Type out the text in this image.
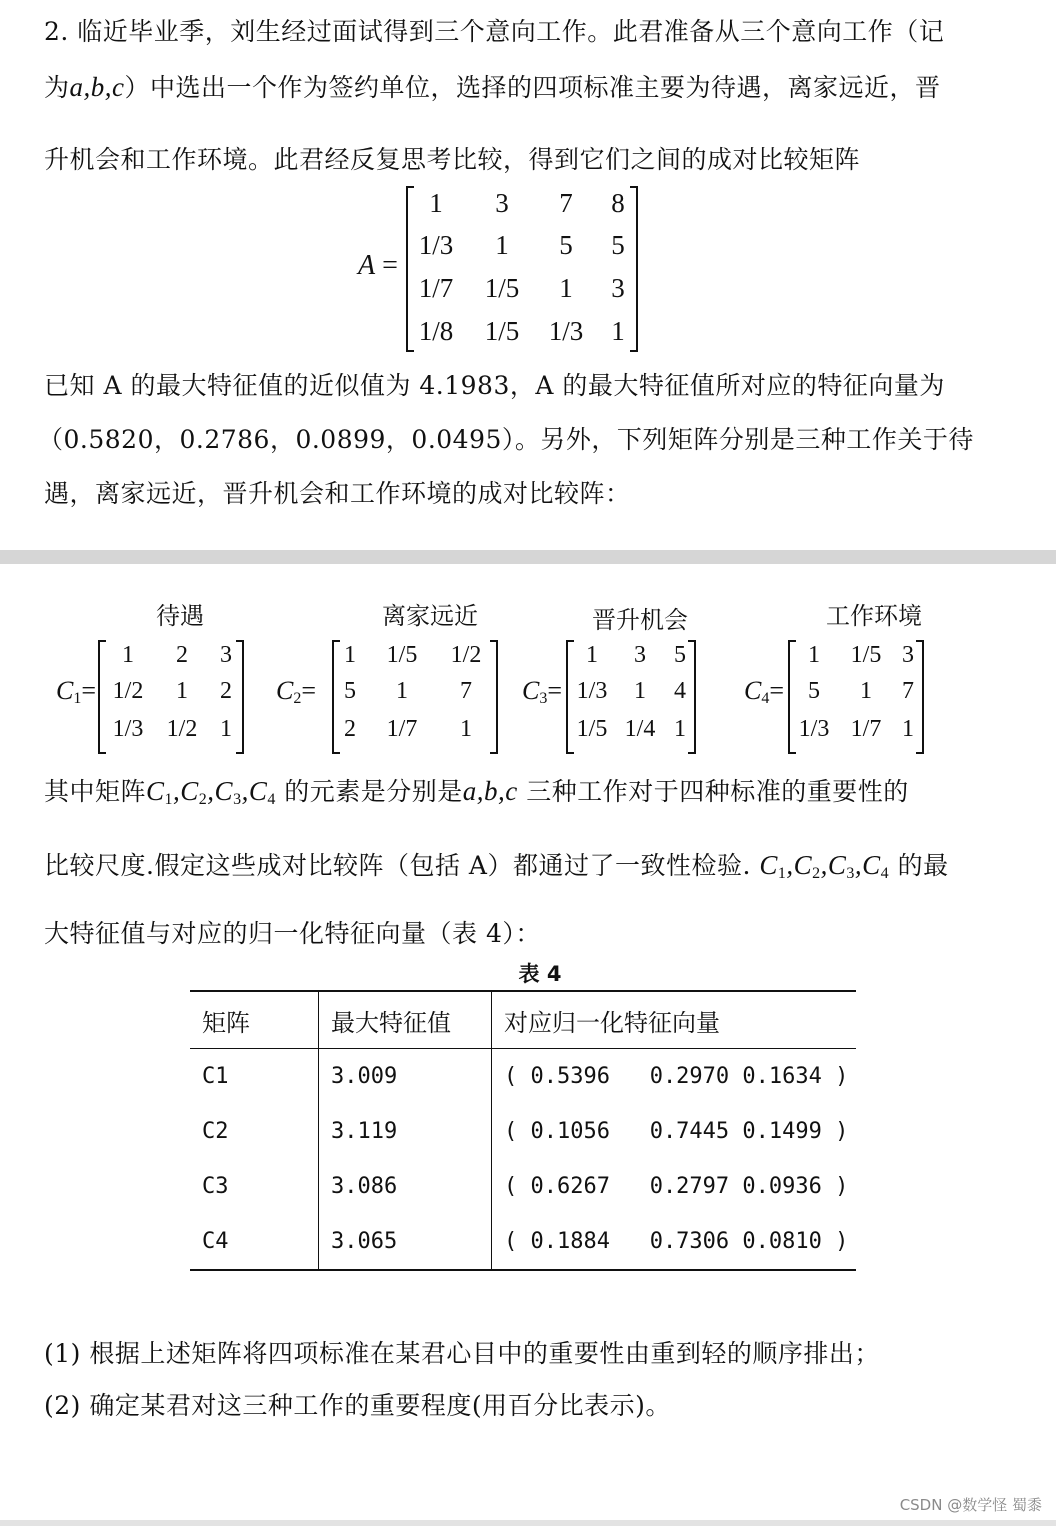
2. 临近毕业季，刘生经过面试得到三个意向工作。此君准备从三个意向工作（记
为a,b,c）中选出一个作为签约单位，选择的四项标准主要为待遇，离家远近，晋
升机会和工作环境。此君经反复思考比较，得到它们之间的成对比较矩阵
A =
1	3	7	8
1/3	1	5	5
1/7	1/5	1	3
1/8	1/5	1/3	1
已知 A 的最大特征值的近似值为 4.1983，A 的最大特征值所对应的特征向量为
（0.5820，0.2786，0.0899，0.0495）。另外，下列矩阵分别是三种工作关于待
遇，离家远近，晋升机会和工作环境的成对比较阵：
待遇
$C_1=$
1	2	3
1/2	1	2
1/3 1/2 1
离家远近
$C_2=$
1	1/5	1/2
5	1	7
2	1/7	1
晋升机会
$C_3=$
1	3	5
1/3	1	4
1/5 1/4 1
工作环境
$C_4=$
1	1/5 3
5	1	7
1/3 1/7 1
其中矩阵$C_1,C_2,C_3,C_4$ 的元素是分别是a,b,c 三种工作对于四种标准的重要性的
比较尺度.假定这些成对比较阵（包括 A）都通过了一致性检验. $C_1,C_2,C_3,C_4$ 的最
大特征值与对应的归一化特征向量（表 4）：
表 4
矩阵	最大特征值	对应归一化特征向量
C1	3.009	( 0.5396   0.2970 0.1634 )
C2	3.119	( 0.1056   0.7445 0.1499 )
C3	3.086	( 0.6267   0.2797 0.0936 )
C4	3.065	( 0.1884   0.7306 0.0810 )
(1) 根据上述矩阵将四项标准在某君心目中的重要性由重到轻的顺序排出；
(2) 确定某君对这三种工作的重要程度(用百分比表示)。
CSDN @数学怪 蜀黍
